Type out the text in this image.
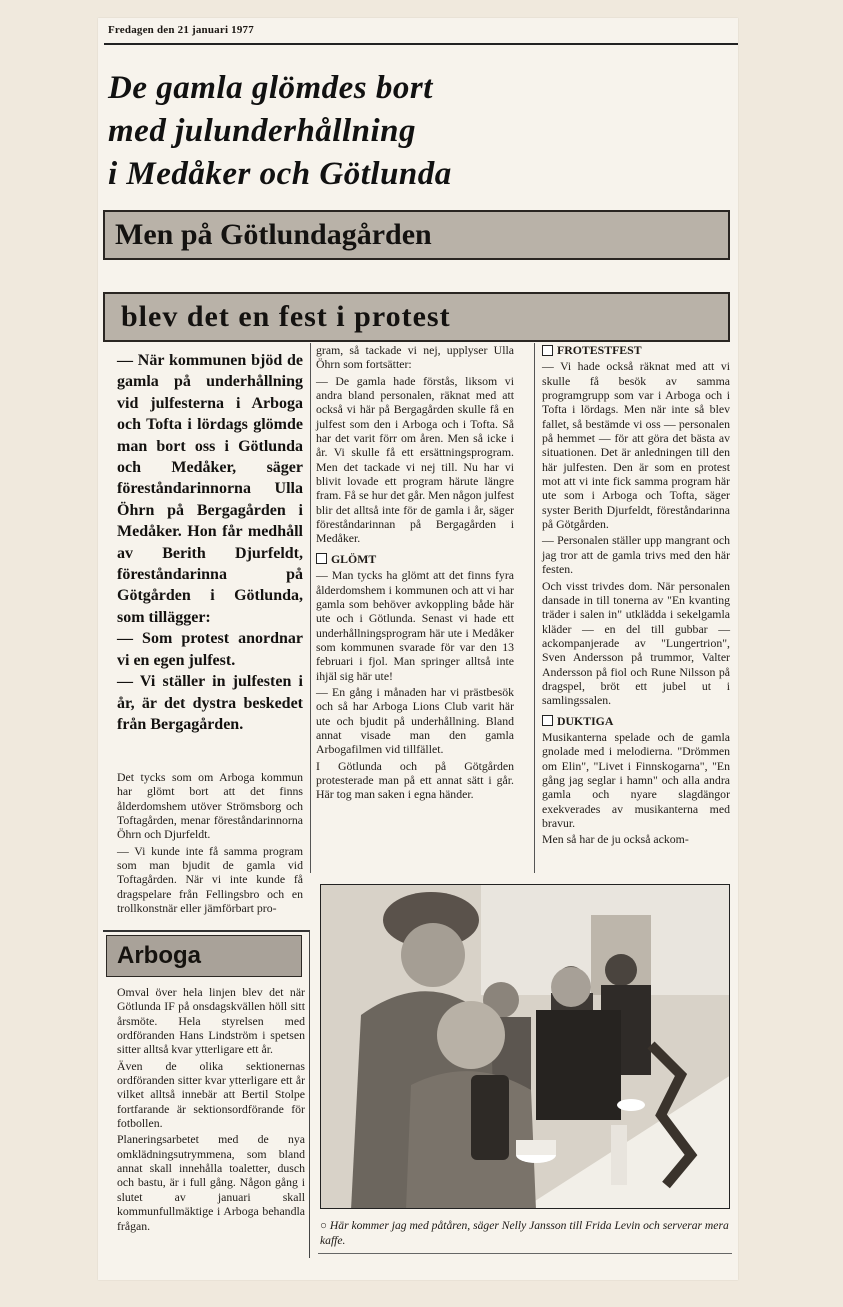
Fredagen den 21 januari 1977
De gamla glömdes bort
med julunderhållning
i Medåker och Götlunda
Men på Götlundagården
blev det en fest i protest

— När kommunen bjöd de gamla på underhållning vid julfesterna i Arboga och Tofta i lördags glömde man bort oss i Götlunda och Medåker, säger föreståndarinnorna Ulla Öhrn på Bergagården i Medåker. Hon får medhåll av Berith Djurfeldt, föreståndarinna på Götgården i Götlunda, som tillägger:

— Som protest anordnar vi en egen julfest.

— Vi ställer in julfesten i år, är det dystra beskedet från Bergagården.

Det tycks som om Arboga kommun har glömt bort att det finns ålderdomshem utöver Strömsborg och Toftagården, menar föreståndarinnorna Öhrn och Djurfeldt.

— Vi kunde inte få samma program som man bjudit de gamla vid Toftagården. När vi inte kunde få dragspelare från Fellingsbro och en trollkonstnär eller jämförbart pro-

gram, så tackade vi nej, upplyser Ulla Öhrn som fortsätter:

— De gamla hade förstås, liksom vi andra bland personalen, räknat med att också vi här på Bergagården skulle få en julfest som den i Arboga och i Tofta. Så har det varit förr om åren. Men så icke i år. Vi skulle få ett ersättningsprogram. Men det tackade vi nej till. Nu har vi blivit lovade ett program härute längre fram. Få se hur det går. Men någon julfest blir det alltså inte för de gamla i år, säger föreståndarinnan på Bergagården i Medåker.

GLÖMT

— Man tycks ha glömt att det finns fyra ålderdomshem i kommunen och att vi har gamla som behöver avkoppling både här ute och i Götlunda. Senast vi hade ett underhållningsprogram här ute i Medåker som kommunen svarade för var den 13 februari i fjol. Man springer alltså inte ihjäl sig här ute!

— En gång i månaden har vi prästbesök och så har Arboga Lions Club varit här ute och bjudit på underhållning. Bland annat visade man den gamla Arbogafilmen vid tillfället.

I Götlunda och på Götgården protesterade man på ett annat sätt i går. Här tog man saken i egna händer.

FROTESTFEST

— Vi hade också räknat med att vi skulle få besök av samma programgrupp som var i Arboga och i Tofta i lördags. Men när inte så blev fallet, så bestämde vi oss — personalen på hemmet — för att göra det bästa av situationen. Det är anledningen till den här julfesten. Den är som en protest mot att vi inte fick samma program här ute som i Arboga och Tofta, säger syster Berith Djurfeldt, föreståndarinna på Götgården.

— Personalen ställer upp mangrant och jag tror att de gamla trivs med den här festen.

Och visst trivdes dom. När personalen dansade in till tonerna av "En kvanting träder i salen in" utklädda i sekelgamla kläder — en del till gubbar — ackompanjerade av "Lungertrion", Sven Andersson på trummor, Valter Andersson på fiol och Rune Nilsson på dragspel, bröt ett jubel ut i samlingssalen.

DUKTIGA

Musikanterna spelade och de gamla gnolade med i melodierna. "Drömmen om Elin", "Livet i Finnskogarna", "En gång jag seglar i hamn" och alla andra gamla och nyare slagdängor exekverades av musikanterna med bravur.

Men så har de ju också ackom-

Arboga

Omval över hela linjen blev det när Götlunda IF på onsdagskvällen höll sitt årsmöte. Hela styrelsen med ordföranden Hans Lindström i spetsen sitter alltså kvar ytterligare ett år.

Även de olika sektionernas ordföranden sitter kvar ytterligare ett år vilket alltså innebär att Bertil Stolpe fortfarande är sektionsordförande för fotbollen.

Planeringsarbetet med de nya omklädningsutrymmena, som bland annat skall innehålla toaletter, dusch och bastu, är i full gång. Någon gång i slutet av januari skall kommunfullmäktige i Arboga behandla frågan.	○ Här kommer jag med påtåren, säger Nelly Jansson till Frida Levin och serverar mera kaffe.
